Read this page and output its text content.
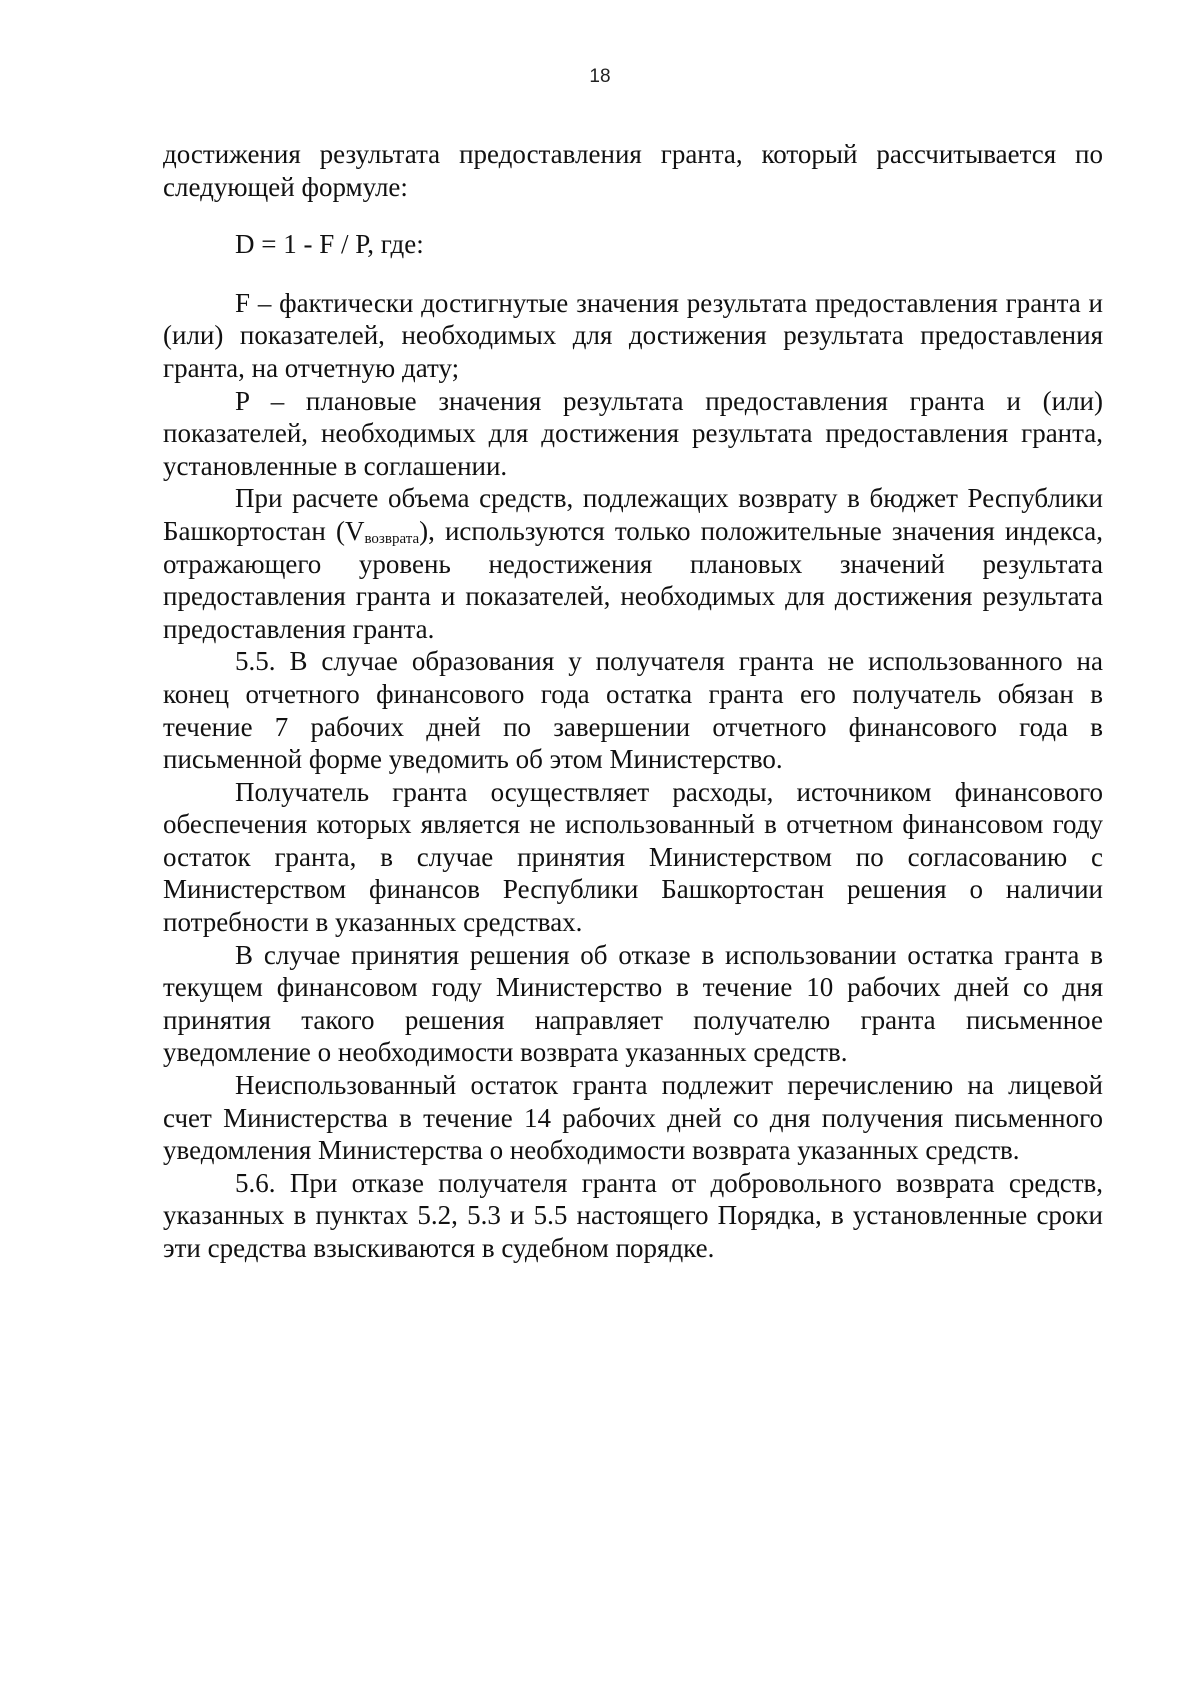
18

достижения результата предоставления гранта, который рассчитывается по следующей формуле:

D = 1 - F / P, где:

F – фактически достигнутые значения результата предоставления гранта и (или) показателей, необходимых для достижения результата предоставления гранта, на отчетную дату;

P – плановые значения результата предоставления гранта и (или) показателей, необходимых для достижения результата предоставления гранта, установленные в соглашении.

При расчете объема средств, подлежащих возврату в бюджет Республики Башкортостан $(V_{возврата})$, используются только положительные значения индекса, отражающего уровень недостижения плановых значений результата предоставления гранта и показателей, необходимых для достижения результата предоставления гранта.

5.5. В случае образования у получателя гранта не использованного на конец отчетного финансового года остатка гранта его получатель обязан в течение 7 рабочих дней по завершении отчетного финансового года в письменной форме уведомить об этом Министерство.

Получатель гранта осуществляет расходы, источником финансового обеспечения которых является не использованный в отчетном финансовом году остаток гранта, в случае принятия Министерством по согласованию с Министерством финансов Республики Башкортостан решения о наличии потребности в указанных средствах.

В случае принятия решения об отказе в использовании остатка гранта в текущем финансовом году Министерство в течение 10 рабочих дней со дня принятия такого решения направляет получателю гранта письменное уведомление о необходимости возврата указанных средств.

Неиспользованный остаток гранта подлежит перечислению на лицевой счет Министерства в течение 14 рабочих дней со дня получения письменного уведомления Министерства о необходимости возврата указанных средств.

5.6. При отказе получателя гранта от добровольного возврата средств, указанных в пунктах 5.2, 5.3 и 5.5 настоящего Порядка, в установленные сроки эти средства взыскиваются в судебном порядке.
